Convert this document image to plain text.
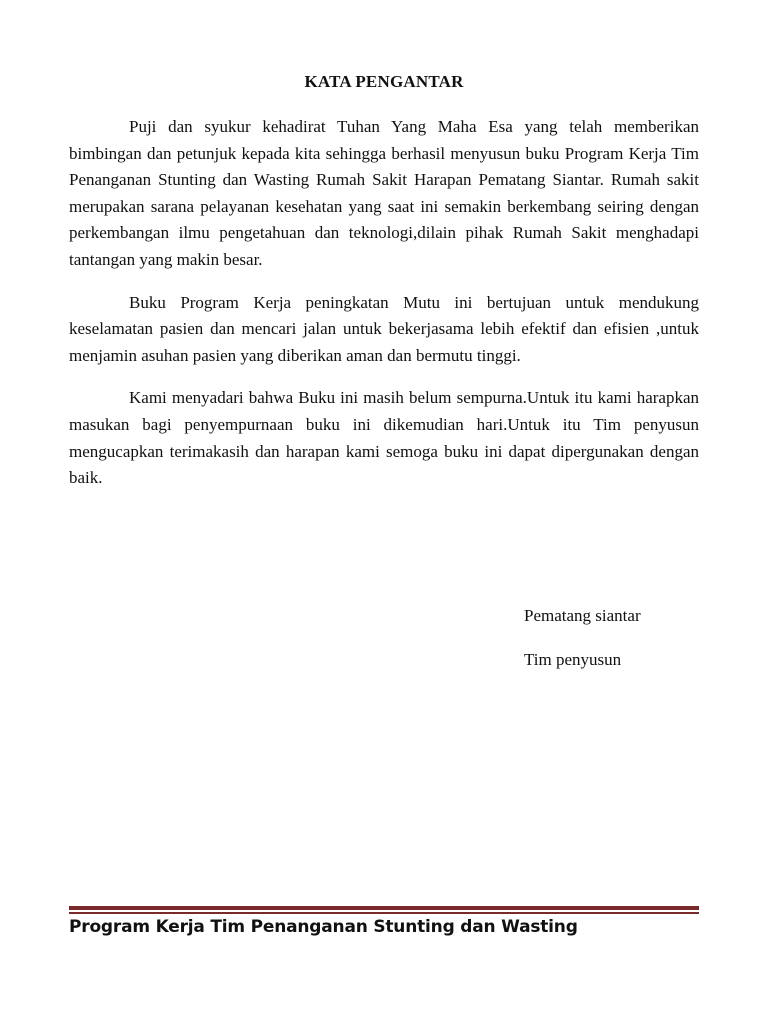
KATA PENGANTAR

Puji dan syukur kehadirat Tuhan Yang Maha Esa yang telah memberikan bimbingan dan petunjuk kepada kita sehingga berhasil menyusun buku Program Kerja Tim Penanganan Stunting dan Wasting Rumah Sakit Harapan Pematang Siantar. Rumah sakit merupakan sarana pelayanan kesehatan yang saat ini semakin berkembang seiring dengan perkembangan ilmu pengetahuan dan teknologi,dilain pihak Rumah Sakit menghadapi tantangan yang makin besar.

Buku Program Kerja peningkatan Mutu ini bertujuan untuk mendukung keselamatan pasien dan mencari jalan untuk bekerjasama lebih efektif dan efisien ,untuk menjamin asuhan pasien yang diberikan aman dan bermutu tinggi.

Kami menyadari bahwa Buku ini masih belum sempurna.Untuk itu kami harapkan masukan bagi penyempurnaan buku ini dikemudian hari.Untuk itu Tim penyusun mengucapkan terimakasih dan harapan kami semoga buku ini dapat dipergunakan dengan baik.

Pematang siantar
Tim penyusun
Program Kerja Tim Penanganan Stunting dan Wasting
